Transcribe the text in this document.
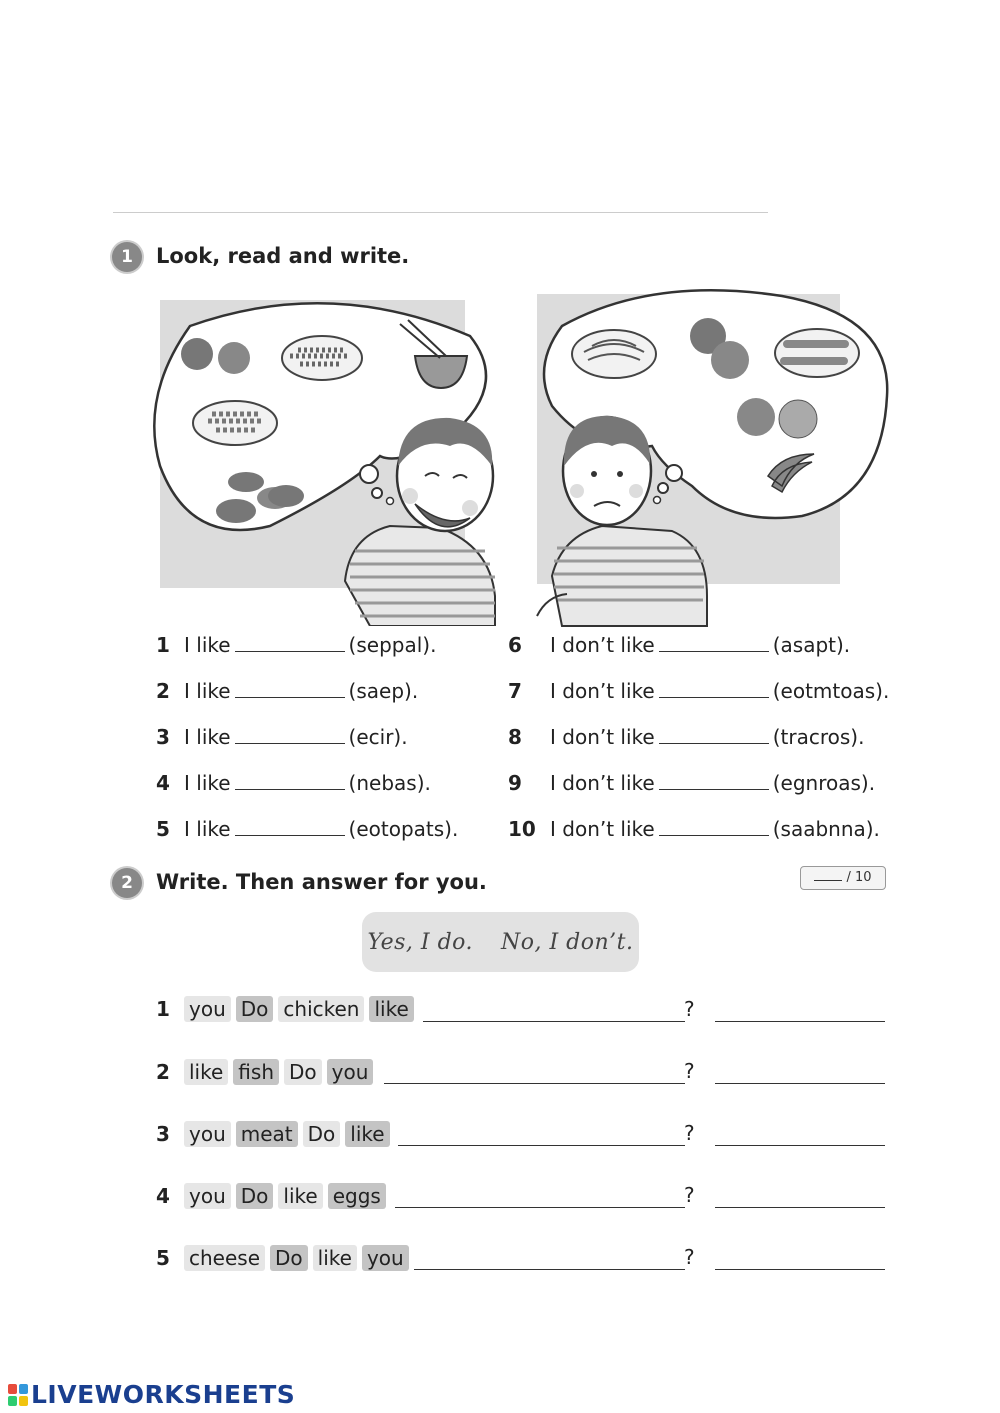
1	Look, read and write.
1 I like	(seppal).
2 I like	(saep).
3 I like	(ecir).
4 I like	(nebas).
5 I like	(eotopats).
6 I don’t like	(asapt).
7 I don’t like	(eotmtoas).
8 I don’t like	(tracros).
9 I don’t like	(egnroas).
10 I don’t like	(saabnna).
2	Write. Then answer for you.	/ 10
Yes, I do. No, I don’t.
1 you Do chicken like	?
2 like fish Do you	?
3 you meat Do like	?
4 you Do like eggs	?
5 cheese Do like you	?
LIVEWORKSHEETS
